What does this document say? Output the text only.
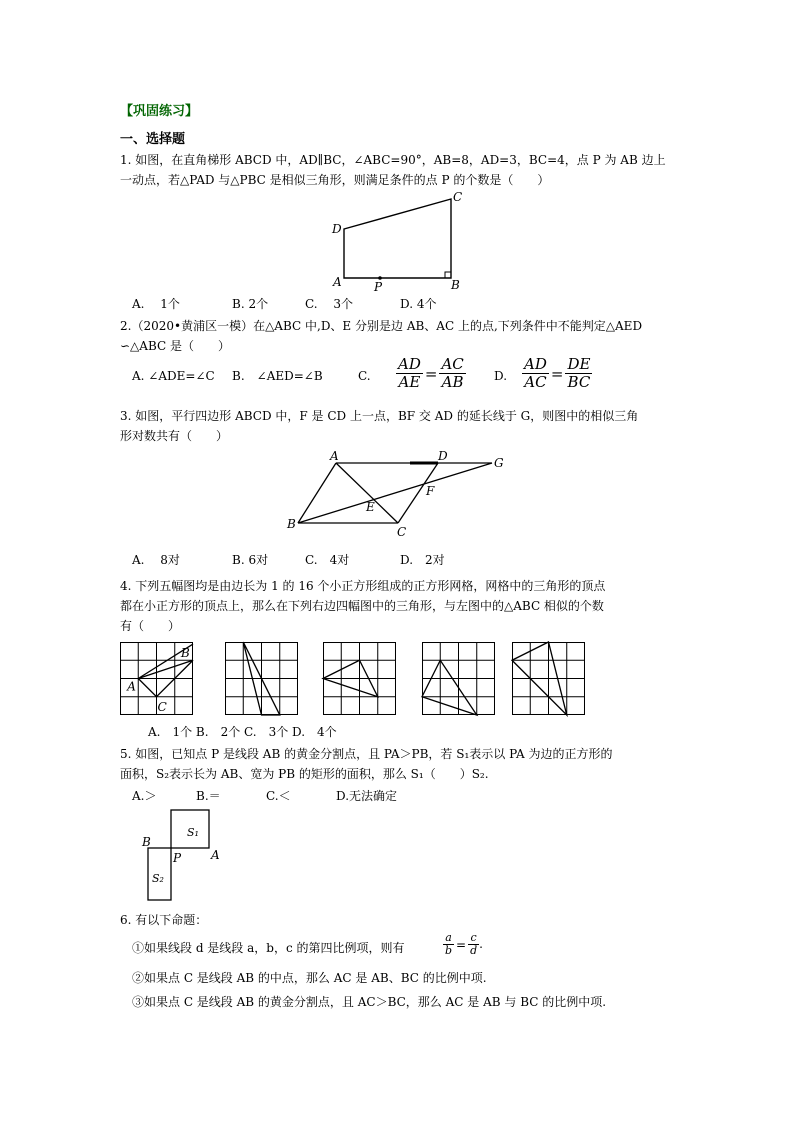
【巩固练习】
一、选择题
1. 如图，在直角梯形 ABCD 中，AD∥BC，∠ABC=90°，AB=8，AD=3，BC=4，点 P 为 AB 边上
一动点，若△PAD 与△PBC 是相似三角形，则满足条件的点 P 的个数是（　　）
C
D
A	P	B
A.　 1个	B. 2个	C.　 3个	D. 4个
2.（2020•黄浦区一模）在△ABC 中,D、E 分别是边 AB、AC 上的点,下列条件中不能判定△AED
∽△ABC 是（　　）
A. ∠ADE=∠C B.　∠AED=∠B	C. $\frac{AD}{AE} = \frac{AC}{AB} D$. $\frac{AD}{AC} = \frac{DE}{BC}$
3. 如图，平行四边形 ABCD 中，F 是 CD 上一点，BF 交 AD 的延长线于 G，则图中的相似三角
形对数共有（　　）
A	D	G
F
E
B
C
A.　 8对	B. 6对	C.　4对	D.　2对
4. 下列五幅图均是由边长为 1 的 16 个小正方形组成的正方形网格，网格中的三角形的顶点
都在小正方形的顶点上，那么在下列右边四幅图中的三角形，与左图中的△ABC 相似的个数
有（　　）
A
B
C
A.　1个 B.　2个 C.　3个 D.　4个
5. 如图，已知点 P 是线段 AB 的黄金分割点，且 PA＞PB，若 S₁表示以 PA 为边的正方形的
面积，S₂表示长为 AB、宽为 PB 的矩形的面积，那么 S₁（　　）S₂.
A.＞	B.＝	C.＜	D.无法确定
S₁
S₂
B
P A
6. 有以下命题：
①如果线段 d 是线段 a，b，c 的第四比例项，则有	$\frac{a}{b} = \frac{c}{d}$ .
②如果点 C 是线段 AB 的中点，那么 AC 是 AB、BC 的比例中项.
③如果点 C 是线段 AB 的黄金分割点，且 AC＞BC，那么 AC 是 AB 与 BC 的比例中项.
